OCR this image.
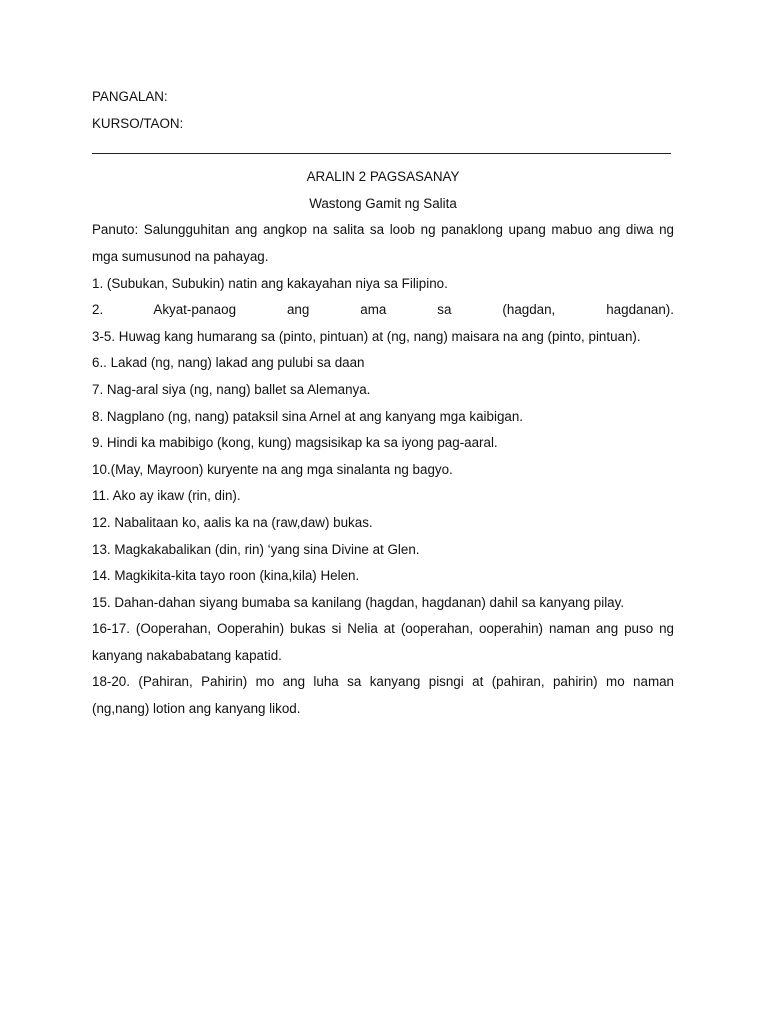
PANGALAN:
KURSO/TAON:
ARALIN 2 PAGSASANAY
Wastong Gamit ng Salita
Panuto: Salungguhitan ang angkop na salita sa loob ng panaklong upang mabuo ang diwa ng mga sumusunod na pahayag.
1. (Subukan, Subukin) natin ang kakayahan niya sa Filipino.
2. Akyat-panaog ang ama sa (hagdan, hagdanan).
3-5. Huwag kang humarang sa (pinto, pintuan) at (ng, nang) maisara na ang (pinto, pintuan).
6.. Lakad (ng, nang) lakad ang pulubi sa daan
7. Nag-aral siya (ng, nang) ballet sa Alemanya.
8. Nagplano (ng, nang) pataksil sina Arnel at ang kanyang mga kaibigan.
9. Hindi ka mabibigo (kong, kung) magsisikap ka sa iyong pag-aaral.
10.(May, Mayroon) kuryente na ang mga sinalanta ng bagyo.
11. Ako ay ikaw (rin, din).
12. Nabalitaan ko, aalis ka na (raw,daw) bukas.
13. Magkakabalikan (din, rin) ‘yang sina Divine at Glen.
14. Magkikita-kita tayo roon (kina,kila) Helen.
15. Dahan-dahan siyang bumaba sa kanilang (hagdan, hagdanan) dahil sa kanyang pilay.
16-17. (Ooperahan, Ooperahin) bukas si Nelia at (ooperahan, ooperahin) naman ang puso ng kanyang nakababatang kapatid.
18-20. (Pahiran, Pahirin) mo ang luha sa kanyang pisngi at (pahiran, pahirin) mo naman (ng,nang) lotion ang kanyang likod.
